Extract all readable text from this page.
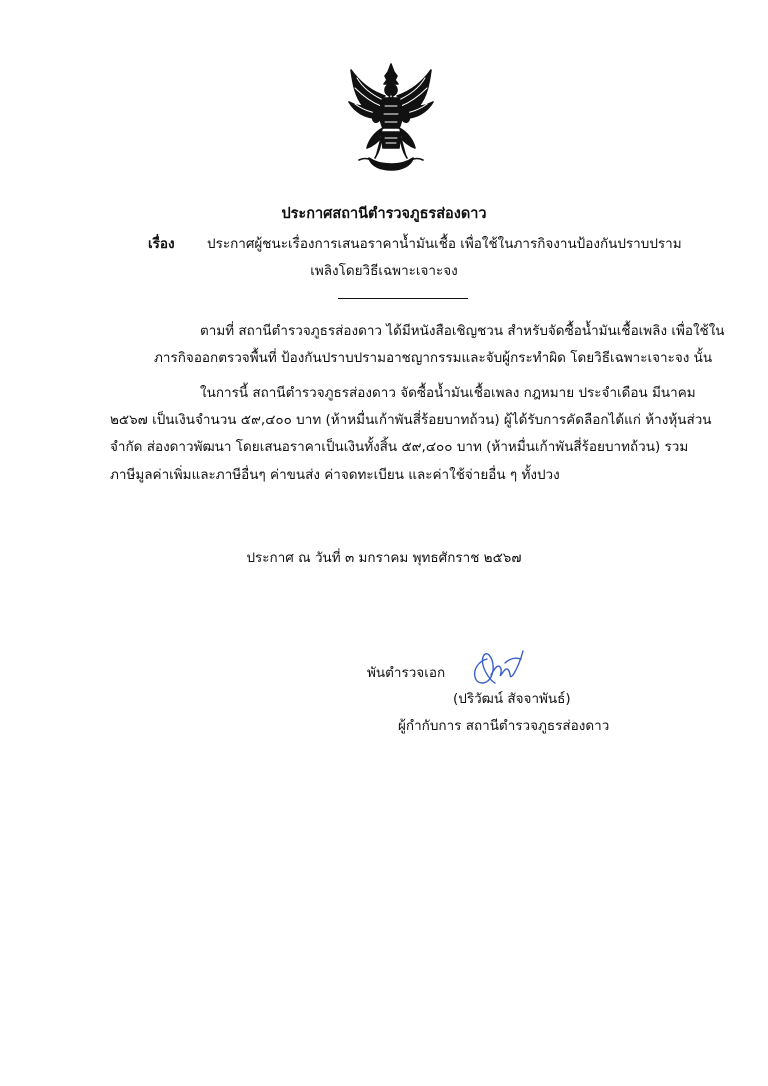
ประกาศสถานีตำรวจภูธรส่องดาว
เรื่อง ประกาศผู้ชนะเรื่องการเสนอราคาน้ำมันเชื้อ เพื่อใช้ในภารกิจงานป้องกันปราบปราม
เพลิงโดยวิธีเฉพาะเจาะจง
ตามที่ สถานีตำรวจภูธรส่องดาว ได้มีหนังสือเชิญชวน สำหรับจัดซื้อน้ำมันเชื้อเพลิง เพื่อใช้ใน
ภารกิจออกตรวจพื้นที่ ป้องกันปราบปรามอาชญากรรมและจับผู้กระทำผิด โดยวิธีเฉพาะเจาะจง นั้น
ในการนี้ สถานีตำรวจภูธรส่องดาว จัดซื้อน้ำมันเชื้อเพลง กฎหมาย ประจำเดือน มีนาคม
๒๕๖๗ เป็นเงินจำนวน ๕๙,๔๐๐ บาท (ห้าหมื่นเก้าพันสี่ร้อยบาทถ้วน) ผู้ได้รับการคัดลือกได้แก่ ห้างหุ้นส่วน
จำกัด ส่องดาวพัฒนา โดยเสนอราคาเป็นเงินทั้งสิ้น ๕๙,๔๐๐ บาท (ห้าหมื่นเก้าพันสี่ร้อยบาทถ้วน) รวม
ภาษีมูลค่าเพิ่มและภาษีอื่นๆ ค่าขนส่ง ค่าจดทะเบียน และค่าใช้จ่ายอื่น ๆ ทั้งปวง
ประกาศ ณ วันที่ ๓ มกราคม พุทธศักราช ๒๕๖๗
พันตำรวจเอก
(ปริวัฒน์ สัจจาพันธ์)
ผู้กำกับการ สถานีตำรวจภูธรส่องดาว
